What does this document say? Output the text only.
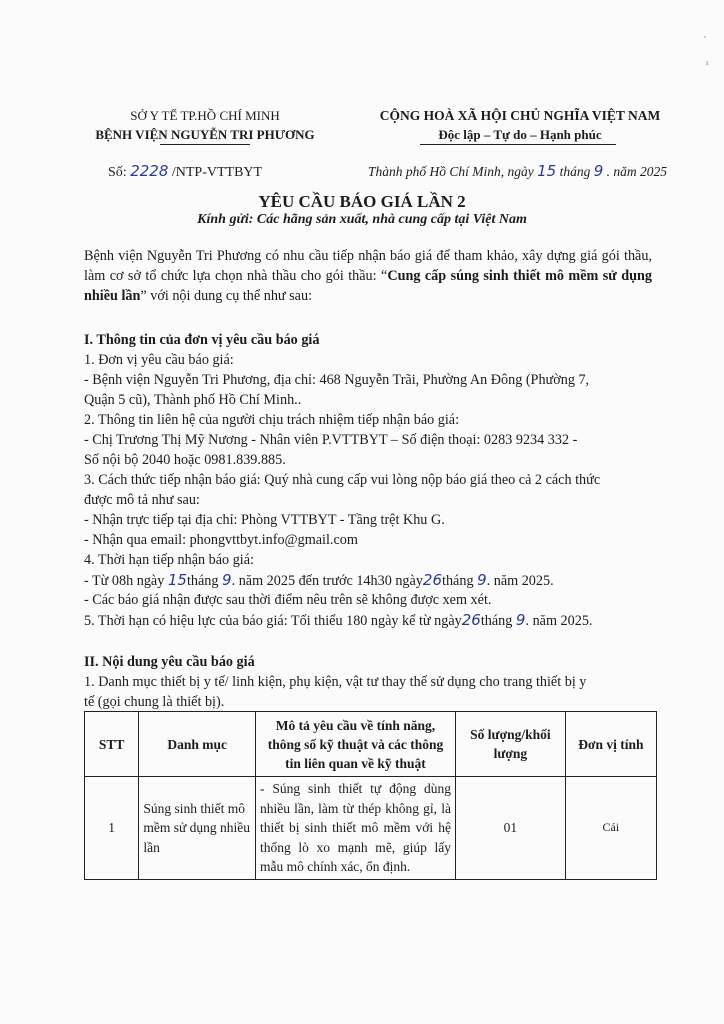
,
ı
SỞ Y TẾ TP.HỒ CHÍ MINH
BỆNH VIỆN NGUYỄN TRI PHƯƠNG
CỘNG HOÀ XÃ HỘI CHỦ NGHĨA VIỆT NAM
Độc lập – Tự do – Hạnh phúc
Số: 2228 /NTP-VTTBYT	Thành phố Hồ Chí Minh, ngày 15 tháng 9 . năm 2025
YÊU CẦU BÁO GIÁ LẦN 2
Kính gửi: Các hãng sản xuất, nhà cung cấp tại Việt Nam
Bệnh viện Nguyễn Tri Phương có nhu cầu tiếp nhận báo giá để tham khảo, xây dựng giá gói thầu, làm cơ sở tổ chức lựa chọn nhà thầu cho gói thầu: “Cung cấp súng sinh thiết mô mềm sử dụng nhiều lần” với nội dung cụ thể như sau:
I. Thông tin của đơn vị yêu cầu báo giá
1. Đơn vị yêu cầu báo giá:
- Bệnh viện Nguyễn Tri Phương, địa chỉ: 468 Nguyễn Trãi, Phường An Đông (Phường 7,
Quận 5 cũ), Thành phố Hồ Chí Minh..
2. Thông tin liên hệ của người chịu trách nhiệm tiếp nhận báo giá:
- Chị Trương Thị Mỹ Nương - Nhân viên P.VTTBYT – Số điện thoại: 0283 9234 332 -
Số nội bộ 2040 hoặc 0981.839.885.
3. Cách thức tiếp nhận báo giá: Quý nhà cung cấp vui lòng nộp báo giá theo cả 2 cách thức
được mô tả như sau:
- Nhận trực tiếp tại địa chỉ: Phòng VTTBYT - Tầng trệt Khu G.
- Nhận qua email: phongvttbyt.info@gmail.com
4. Thời hạn tiếp nhận báo giá:
- Từ 08h ngày 15tháng 9. năm 2025 đến trước 14h30 ngày26tháng 9. năm 2025.
- Các báo giá nhận được sau thời điểm nêu trên sẽ không được xem xét.
5. Thời hạn có hiệu lực của báo giá: Tối thiểu 180 ngày kể từ ngày26tháng 9. năm 2025.
II. Nội dung yêu cầu báo giá
1. Danh mục thiết bị y tế/ linh kiện, phụ kiện, vật tư thay thế sử dụng cho trang thiết bị y
tế (gọi chung là thiết bị).
STT	Danh mục	Mô tả yêu cầu về tính năng, thông số kỹ thuật và các thông tin liên quan về kỹ thuật	Số lượng/khối lượng	Đơn vị tính
1	Súng sinh thiết mô mềm sử dụng nhiều lần	- Súng sinh thiết tự động dùng nhiều lần, làm từ thép không gỉ, là thiết bị sinh thiết mô mềm với hệ thống lò xo mạnh mẽ, giúp lấy mẫu mô chính xác, ổn định.	01	Cái
